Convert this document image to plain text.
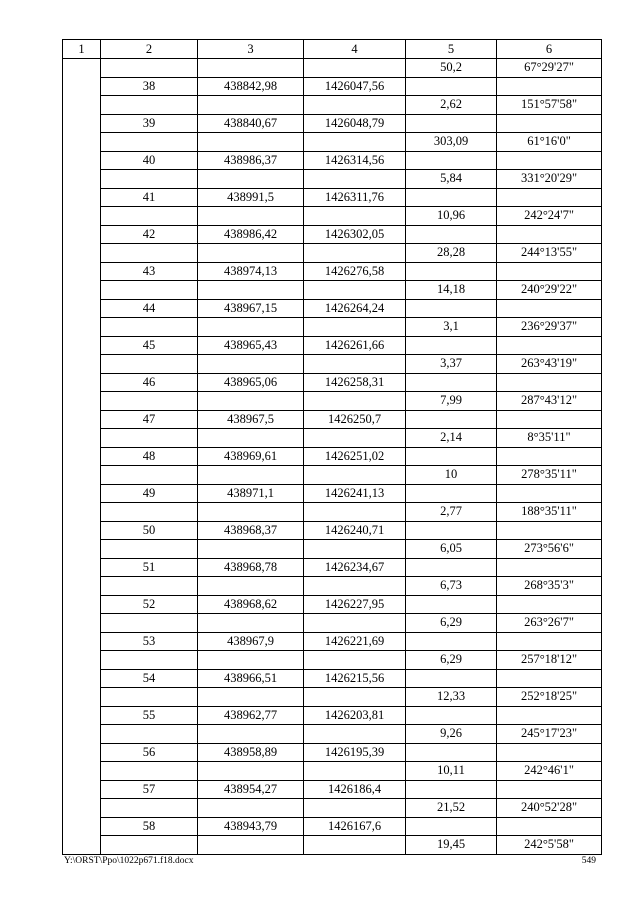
1	2	3	4	5	6
				50,2	67°29'27"
	38	438842,98	1426047,56		
				2,62	151°57'58"
	39	438840,67	1426048,79		
				303,09	61°16'0"
	40	438986,37	1426314,56		
				5,84	331°20'29"
	41	438991,5	1426311,76		
				10,96	242°24'7"
	42	438986,42	1426302,05		
				28,28	244°13'55"
	43	438974,13	1426276,58		
				14,18	240°29'22"
	44	438967,15	1426264,24		
				3,1	236°29'37"
	45	438965,43	1426261,66		
				3,37	263°43'19"
	46	438965,06	1426258,31		
				7,99	287°43'12"
	47	438967,5	1426250,7		
				2,14	8°35'11"
	48	438969,61	1426251,02		
				10	278°35'11"
	49	438971,1	1426241,13		
				2,77	188°35'11"
	50	438968,37	1426240,71		
				6,05	273°56'6"
	51	438968,78	1426234,67		
				6,73	268°35'3"
	52	438968,62	1426227,95		
				6,29	263°26'7"
	53	438967,9	1426221,69		
				6,29	257°18'12"
	54	438966,51	1426215,56		
				12,33	252°18'25"
	55	438962,77	1426203,81		
				9,26	245°17'23"
	56	438958,89	1426195,39		
				10,11	242°46'1"
	57	438954,27	1426186,4		
				21,52	240°52'28"
	58	438943,79	1426167,6		
				19,45	242°5'58"
Y:\ORST\Ppo\1022p671.f18.docx	549
